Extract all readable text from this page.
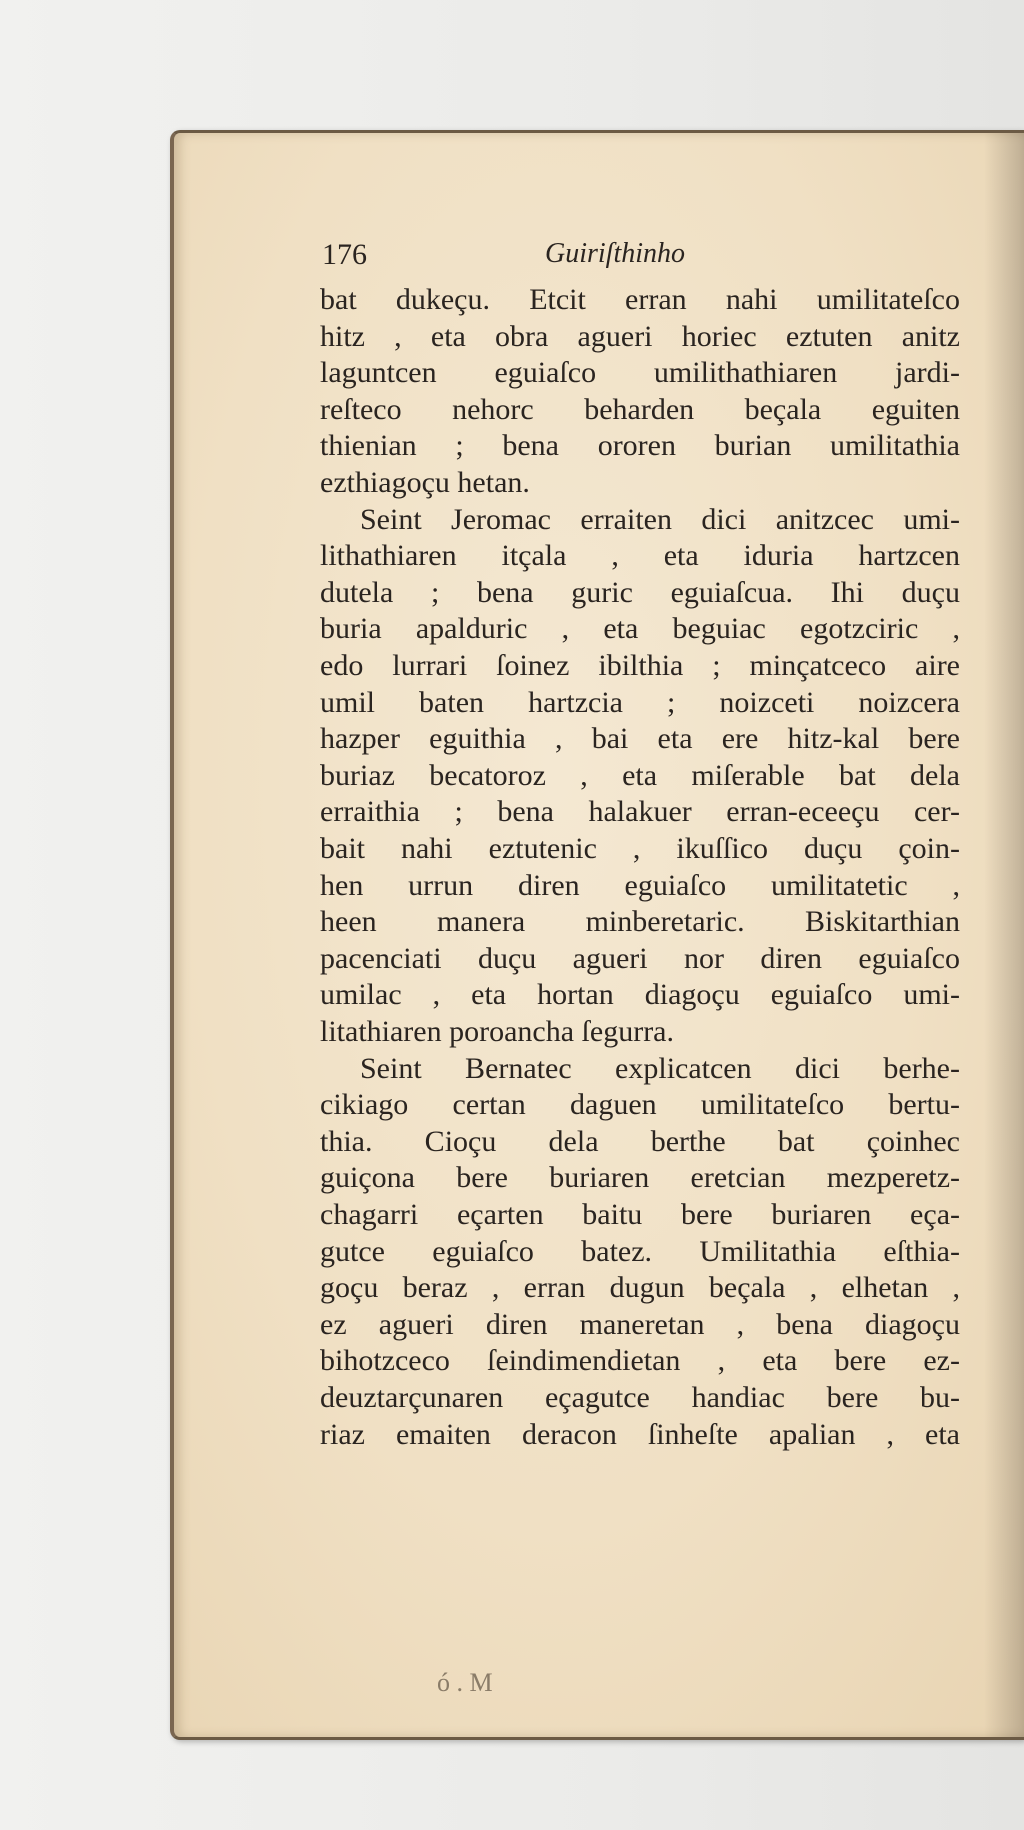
176	Guiriſthinho
bat dukeçu. Etcit erran nahi umilitateſco
hitz , eta obra agueri horiec eztuten anitz
laguntcen eguiaſco umilithathiaren jardi-
reſteco nehorc beharden beçala eguiten
thienian ; bena ororen burian umilitathia
ezthiagoçu hetan.
Seint Jeromac erraiten dici anitzcec umi-
lithathiaren itçala , eta iduria hartzcen
dutela ; bena guric eguiaſcua. Ihi duçu
buria apalduric , eta beguiac egotzciric ,
edo lurrari ſoinez ibilthia ; minçatceco aire
umil baten hartzcia ; noizceti noizcera
hazper eguithia , bai eta ere hitz-kal bere
buriaz becatoroz , eta miſerable bat dela
erraithia ; bena halakuer erran-eceeçu cer-
bait nahi eztutenic , ikuſſico duçu çoin-
hen urrun diren eguiaſco umilitatetic ,
heen manera minberetaric. Biskitarthian
pacenciati duçu agueri nor diren eguiaſco
umilac , eta hortan diagoçu eguiaſco umi-
litathiaren poroancha ſegurra.
Seint Bernatec explicatcen dici berhe-
cikiago certan daguen umilitateſco bertu-
thia. Cioçu dela berthe bat çoinhec
guiçona bere buriaren eretcian mezperetz-
chagarri eçarten baitu bere buriaren eça-
gutce eguiaſco batez. Umilitathia eſthia-
goçu beraz , erran dugun beçala , elhetan ,
ez agueri diren maneretan , bena diagoçu
bihotzceco ſeindimendietan , eta bere ez-
deuztarçunaren eçagutce handiac bere bu-
riaz emaiten deracon ſinheſte apalian , eta
ó . M
